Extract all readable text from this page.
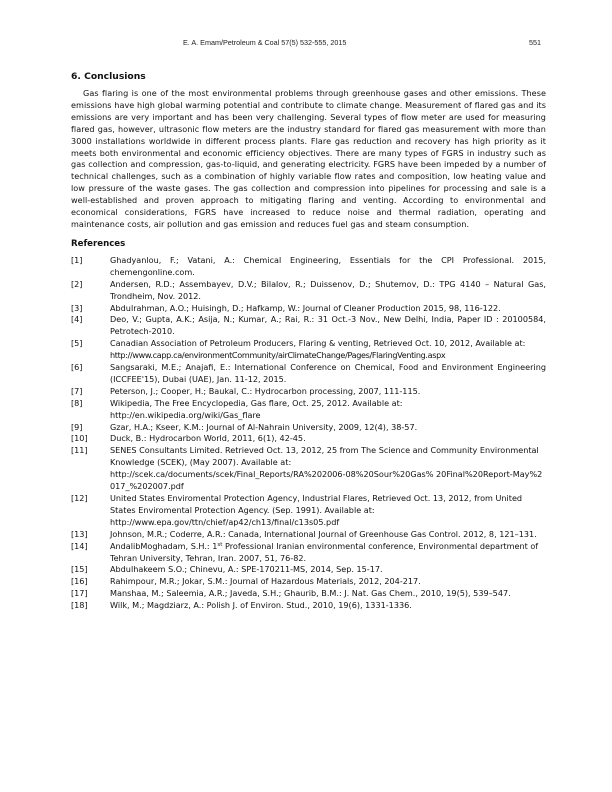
E. A. Emam/Petroleum & Coal 57(5) 532-555, 2015	551
6. Conclusions

Gas flaring is one of the most environmental problems through greenhouse gases and other emissions. These emissions have high global warming potential and contribute to climate change. Measurement of flared gas and its emissions are very important and has been very challenging. Several types of flow meter are used for measuring flared gas, however, ultrasonic flow meters are the industry standard for flared gas measurement with more than 3000 installations worldwide in different process plants. Flare gas reduction and recovery has high priority as it meets both environmental and economic efficiency objectives. There are many types of FGRS in industry such as gas collection and compression, gas-to-liquid, and generating electricity. FGRS have been impeded by a number of technical challenges, such as a combination of highly variable flow rates and composition, low heating value and low pressure of the waste gases. The gas collection and compression into pipelines for processing and sale is a well-established and proven approach to mitigating flaring and venting. According to environmental and economical considerations, FGRS have increased to reduce noise and thermal radiation, operating and maintenance costs, air pollution and gas emission and reduces fuel gas and steam consumption.

References
[1]	Ghadyanlou, F.; Vatani, A.: Chemical Engineering, Essentials for the CPI Professional. 2015, chemengonline.com.
[2]	Andersen, R.D.; Assembayev, D.V.; Bilalov, R.; Duissenov, D.; Shutemov, D.: TPG 4140 – Natural Gas, Trondheim, Nov. 2012.
[3]	Abdulrahman, A.O.; Huisingh, D.; Hafkamp, W.: Journal of Cleaner Production 2015, 98, 116-122.
[4]	Deo, V.; Gupta, A.K.; Asija, N.; Kumar, A.; Rai, R.: 31 Oct.-3 Nov., New Delhi, India, Paper ID : 20100584, Petrotech-2010.
[5]	Canadian Association of Petroleum Producers, Flaring & venting, Retrieved Oct. 10, 2012, Available at:
http://www.capp.ca/environmentCommunity/airClimateChange/Pages/FlaringVenting.aspx
[6]	Sangsaraki, M.E.; Anajafi, E.: International Conference on Chemical, Food and Environment Engineering (ICCFEE'15), Dubai (UAE), Jan. 11-12, 2015.
[7]	Peterson, J.; Cooper, H.; Baukal, C.: Hydrocarbon processing, 2007, 111-115.
[8]	Wikipedia, The Free Encyclopedia, Gas flare, Oct. 25, 2012. Available at:
http://en.wikipedia.org/wiki/Gas_flare
[9]	Gzar, H.A.; Kseer, K.M.: Journal of Al-Nahrain University, 2009, 12(4), 38-57.
[10]	Duck, B.: Hydrocarbon World, 2011, 6(1), 42-45.
[11]	SENES Consultants Limited. Retrieved Oct. 13, 2012, 25 from The Science and Community Environmental Knowledge (SCEK), (May 2007). Available at:
http://scek.ca/documents/scek/Final_Reports/RA%202006-08%20Sour%20Gas% 20Final%20Report-May%2017_%202007.pdf
[12]	United States Enviromental Protection Agency, Industrial Flares, Retrieved Oct. 13, 2012, from United States Enviromental Protection Agency. (Sep. 1991). Available at: http://www.epa.gov/ttn/chief/ap42/ch13/final/c13s05.pdf
[13]	Johnson, M.R.; Coderre, A.R.: Canada, International Journal of Greenhouse Gas Control. 2012, 8, 121–131.
[14]	AndalibMoghadam, S.H.: 1st Professional Iranian environmental conference, Environmental department of Tehran University, Tehran, Iran. 2007, 51, 76-82.
[15]	Abdulhakeem S.O.; Chinevu, A.: SPE-170211-MS, 2014, Sep. 15-17.
[16]	Rahimpour, M.R.; Jokar, S.M.: Journal of Hazardous Materials, 2012, 204-217.
[17]	Manshaa, M.; Saleemia, A.R.; Javeda, S.H.; Ghaurib, B.M.: J. Nat. Gas Chem., 2010, 19(5), 539–547.
[18]	Wilk, M.; Magdziarz, A.: Polish J. of Environ. Stud., 2010, 19(6), 1331-1336.
